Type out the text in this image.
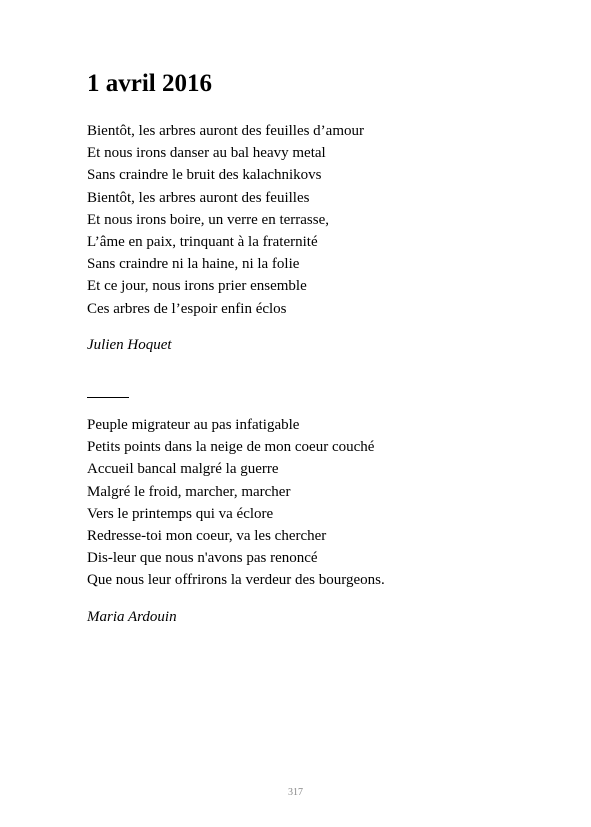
1 avril 2016
Bientôt, les arbres auront des feuilles d’amour
Et nous irons danser au bal heavy metal
Sans craindre le bruit des kalachnikovs
Bientôt, les arbres auront des feuilles
Et nous irons boire, un verre en terrasse,
L’âme en paix, trinquant à la fraternité
Sans craindre ni la haine, ni la folie
Et ce jour, nous irons prier ensemble
Ces arbres de l’espoir enfin éclos
Julien Hoquet
Peuple migrateur au pas infatigable
Petits points dans la neige de mon coeur couché
Accueil bancal malgré la guerre
Malgré le froid, marcher, marcher
Vers le printemps qui va éclore
Redresse-toi mon coeur, va les chercher
Dis-leur que nous n'avons pas renoncé
Que nous leur offrirons la verdeur des bourgeons.
Maria Ardouin
317
